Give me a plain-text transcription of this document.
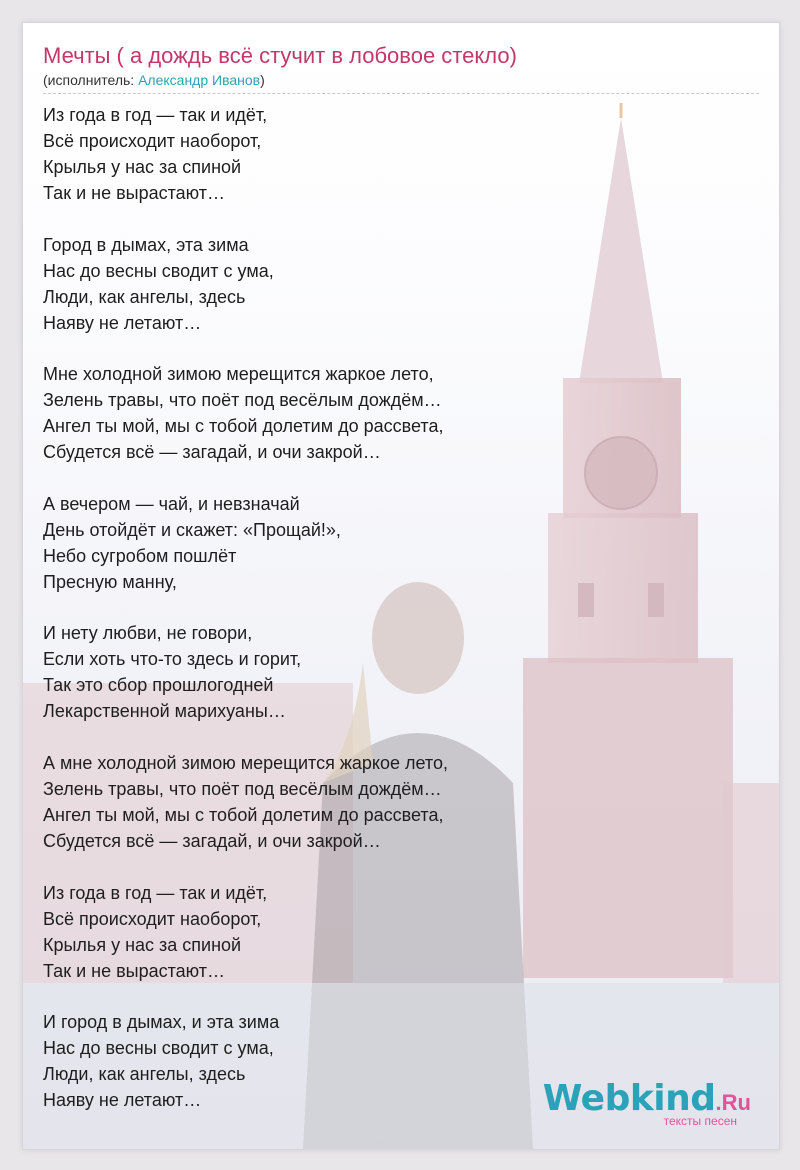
Мечты ( а дождь всё стучит в лобовое стекло)
(исполнитель: Александр Иванов)
Из года в год — так и идёт,
Всё происходит наоборот,
Крылья у нас за спиной
Так и не вырастают…
Город в дымах, эта зима
Нас до весны сводит с ума,
Люди, как ангелы, здесь
Наяву не летают…
Мне холодной зимою мерещится жаркое лето,
Зелень травы, что поёт под весёлым дождём…
Ангел ты мой, мы с тобой долетим до рассвета,
Сбудется всё — загадай, и очи закрой…
А вечером — чай, и невзначай
День отойдёт и скажет: «Прощай!»,
Небо сугробом пошлёт
Пресную манну,
И нету любви, не говори,
Если хоть что-то здесь и горит,
Так это сбор прошлогодней
Лекарственной марихуаны…
А мне холодной зимою мерещится жаркое лето,
Зелень травы, что поёт под весёлым дождём…
Ангел ты мой, мы с тобой долетим до рассвета,
Сбудется всё — загадай, и очи закрой…
Из года в год — так и идёт,
Всё происходит наоборот,
Крылья у нас за спиной
Так и не вырастают…
И город в дымах, и эта зима
Нас до весны сводит с ума,
Люди, как ангелы, здесь
Наяву не летают…	Webkind.Ru
тексты песен
